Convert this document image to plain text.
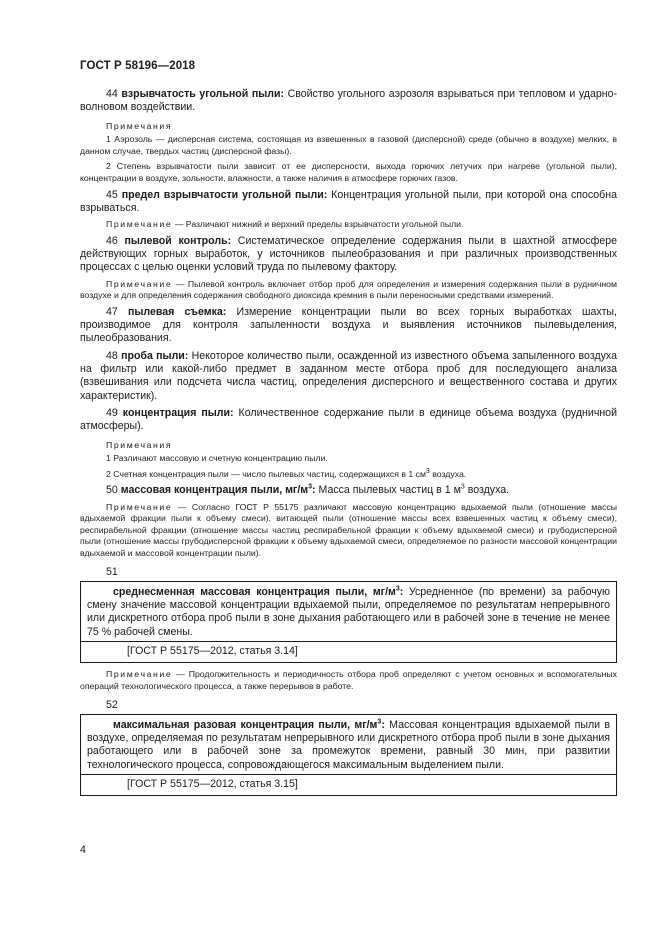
ГОСТ Р 58196—2018

44 взрывчатость угольной пыли: Свойство угольного аэрозоля взрываться при тепловом и ударно-волновом воздействии.

Примечания

1 Аэрозоль — дисперсная система, состоящая из взвешенных в газовой (дисперсной) среде (обычно в воздухе) мелких, в данном случае, твердых частиц (дисперсной фазы).

2 Степень взрывчатости пыли зависит от ее дисперсности, выхода горючих летучих при нагреве (угольной пыли), концентрации в воздухе, зольности, влажности, а также наличия в атмосфере горючих газов.

45 предел взрывчатости угольной пыли: Концентрация угольной пыли, при которой она способна взрываться.

Примечание — Различают нижний и верхний пределы взрывчатости угольной пыли.

46 пылевой контроль: Систематическое определение содержания пыли в шахтной атмосфере действующих горных выработок, у источников пылеобразования и при различных производственных процессах с целью оценки условий труда по пылевому фактору.

Примечание — Пылевой контроль включает отбор проб для определения и измерения содержания пыли в рудничном воздухе и для определения содержания свободного диоксида кремния в пыли переносными средствами измерений.

47 пылевая съемка: Измерение концентрации пыли во всех горных выработках шахты, производимое для контроля запыленности воздуха и выявления источников пылевыделения, пылеобразования.

48 проба пыли: Некоторое количество пыли, осажденной из известного объема запыленного воздуха на фильтр или какой-либо предмет в заданном месте отбора проб для последующего анализа (взвешивания или подсчета числа частиц, определения дисперсного и вещественного состава и других характеристик).

49 концентрация пыли: Количественное содержание пыли в единице объема воздуха (рудничной атмосферы).

Примечания

1 Различают массовую и счетную концентрацию пыли.

2 Счетная концентрация пыли — число пылевых частиц, содержащихся в 1 $см^3$ воздуха.

50 массовая концентрация пыли, $мг/м^3$: Масса пылевых частиц в 1 $м^3$ воздуха.

Примечание — Согласно ГОСТ Р 55175 различают массовую концентрацию вдыхаемой пыли (отношение массы вдыхаемой фракции пыли к объему смеси), витающей пыли (отношение массы всех взвешенных частиц к объему смеси), респирабельной фракции (отношение массы частиц респирабельной фракции к объему вдыхаемой смеси) и грубодисперсной пыли (отношение массы грубодисперсной фракции к объему вдыхаемой смеси, определяемое по разности массовой концентрации вдыхаемой и массовой концентрации пыли).

51

среднесменная массовая концентрация пыли, $мг/м^3$: Усредненное (по времени) за рабочую смену значение массовой концентрации вдыхаемой пыли, определяемое по результатам непрерывного или дискретного отбора проб пыли в зоне дыхания работающего или в рабочей зоне в течение не менее 75 % рабочей смены.

[ГОСТ Р 55175—2012, статья 3.14]

Примечание — Продолжительность и периодичность отбора проб определяют с учетом основных и вспомогательных операций технологического процесса, а также перерывов в работе.

52

максимальная разовая концентрация пыли, $мг/м^3$: Массовая концентрация вдыхаемой пыли в воздухе, определяемая по результатам непрерывного или дискретного отбора проб пыли в зоне дыхания работающего или в рабочей зоне за промежуток времени, равный 30 мин, при развитии технологического процесса, сопровождающегося максимальным выделением пыли.

[ГОСТ Р 55175—2012, статья 3.15]
4
